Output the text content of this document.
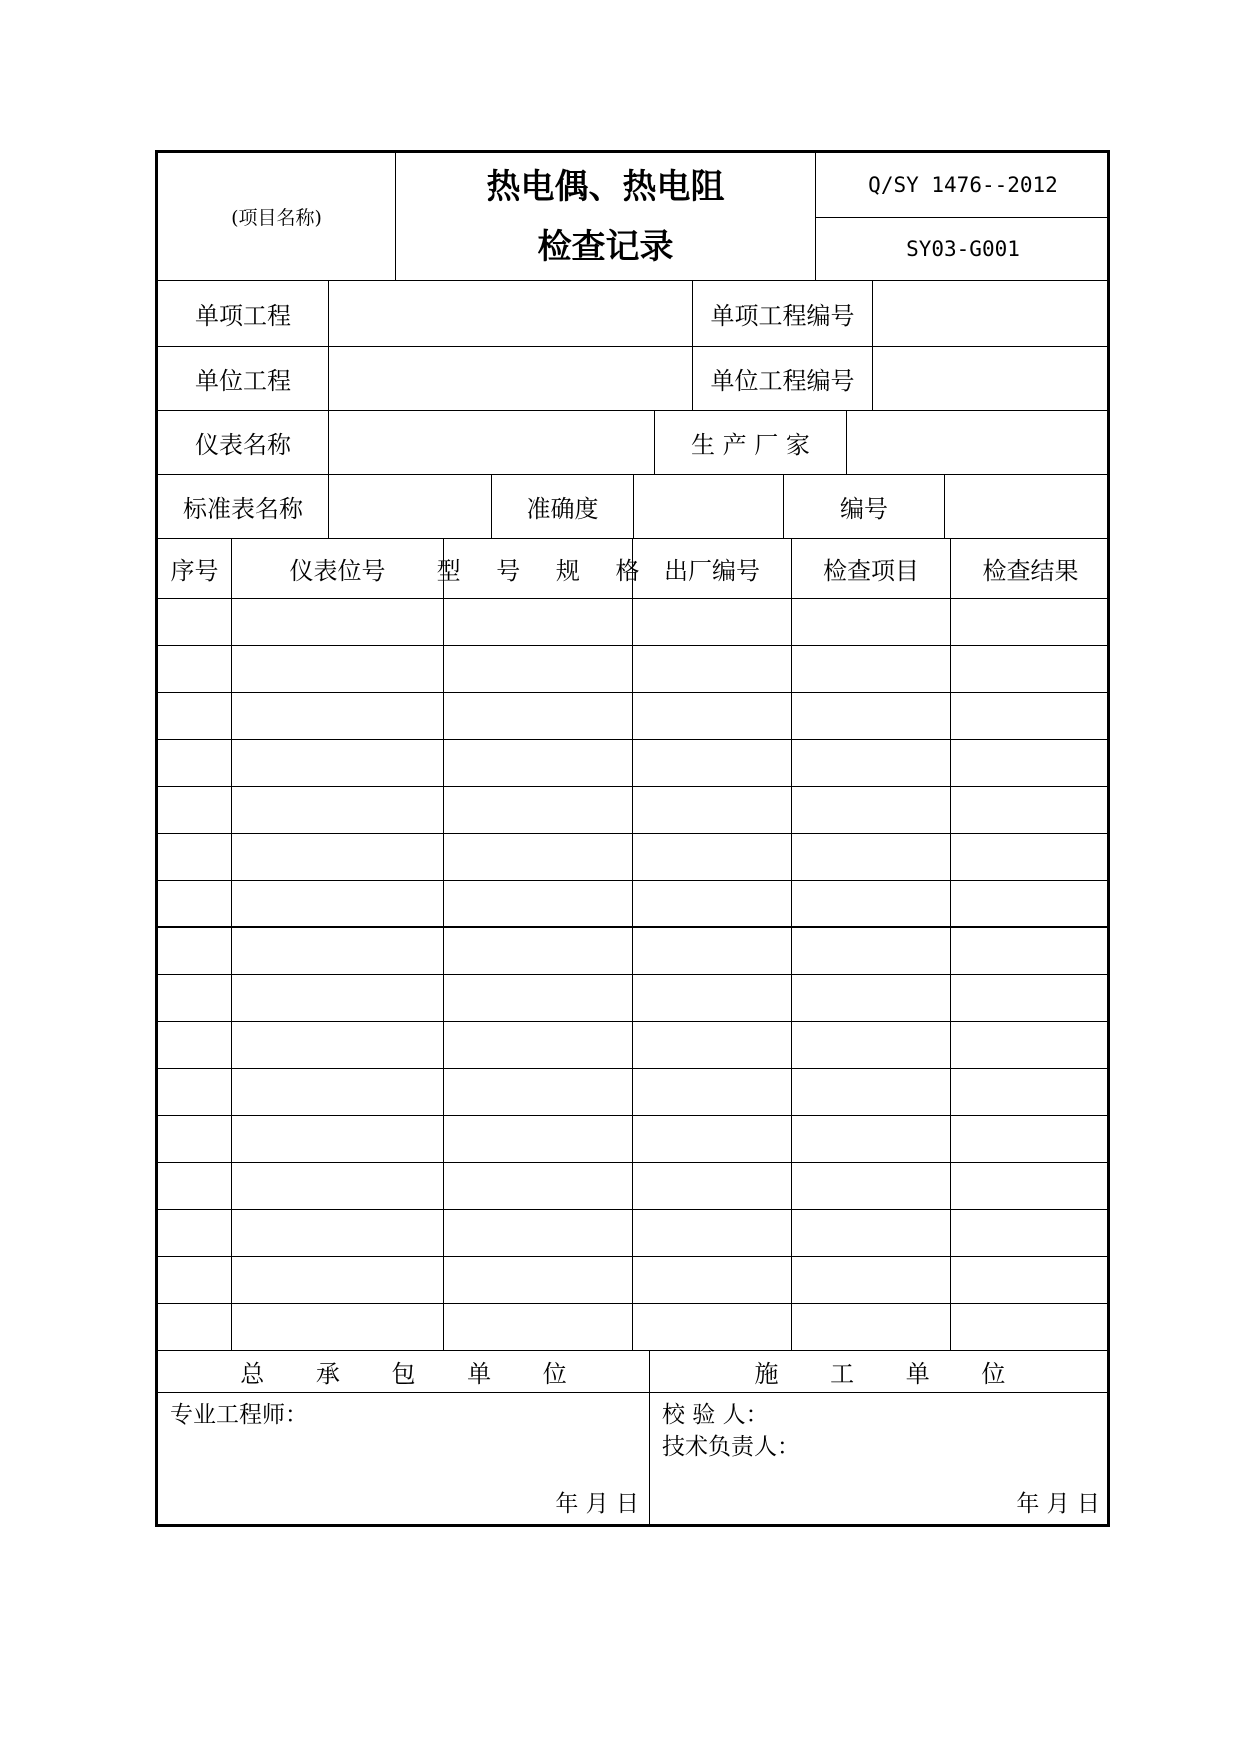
(项目名称)
热电偶、热电阻
检查记录
Q/SY 1476--2012
SY03-G001
单项工程	单项工程编号
单位工程	单位工程编号
仪表名称	生 产 厂 家
标准表名称	准确度	编号
序号	仪表位号	型 号 规 格 出厂编号	检查项目	检查结果
总 承 包 单 位	施 工 单 位
专业工程师：
年 月 日
校 验 人：
技术负责人：
年 月 日
